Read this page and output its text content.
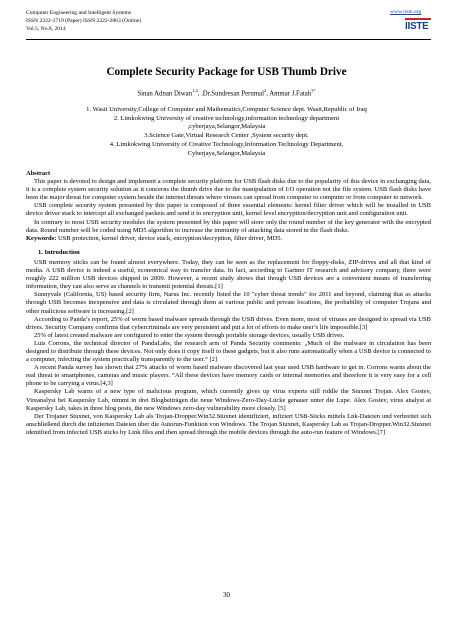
Computer Engineering and Intelligent Systems
ISSN 2222-1719 (Paper) ISSN 2222-2863 (Online)
Vol.5, No.8, 2014
www.iiste.org
IISTE
Complete Security Package for USB Thumb Drive
Sinan Adnan Diwan$^{1,4}$, .Dr.Sundresan Perumal$^2$, Ammar J.Fatah$^{3*}$
1. Wasit University,College of Computer and Mathematics,Computer Science dept. Wasit,Republic of Iraq
2. Limkokwing University of creative technology,information technology department
,cyberjaya,Selangor,Malaysia
3.Science Gate,Virtual Research Center ,System security dept.
4. Limkokwing University of Creative Technology,Information Technology Department,
Cyberjaya,Selangor,Malaysia

Abstract

This paper is devoted to design and implement a complete security platform for USB flash disks due to the popularity of this device in exchanging data, it is a complete system security solution as it concerns the thumb drive due to the manipulation of I/O operation not the file system. USB flash disks have been the major threat for computer system beside the internet threats where viruses can spread from computer to computer or from computer to network.

USB complete security system presented by this paper is composed of three essential elements: kernel filter driver which will be installed in USB device driver stack to intercept all exchanged packets and send it to encryption unit, kernel level encryption/decryption unit and configuration unit.

In contrary to most USB security modules the system presented by this paper will store only the round number of the key generator with the encrypted data. Round number will be coded using MD5 algorithm to increase the immunity of attacking data stored in the flash disks.

Keywords: USB protection, kernel driver, device stack, encryption/decryption, filter driver, MD5.

1. Introduction

USB memory sticks can be found almost everywhere. Today, they can be seen as the replacement for floppy-disks, ZIP-drives and all that kind of media. A USB device is indeed a useful, economical way to transfer data. In fact, according to Gartner IT research and advisory company, there were roughly 222 million USB devices shipped in 2009. However, a recent study shows that though USB devices are a convenient means of transferring information, they can also serve as channels to transmit potential threats.[1]

Sunnyvale (California, US) based security firm, Narus Inc. recently listed the 10 "cyber threat trends" for 2011 and beyond, claiming that as attacks through USB becomes inexpensive and data is circulated through them at various public and private locations, the probability of computer Trojans and other malicious software is increasing.[2]

According to Panda’s report, 25% of worm based malware spreads through the USB drives. Even more, most of viruses are designed to spread via USB drives. Security Company confirms that cybercriminals are very persistent and put a lot of efforts to make user’s life impossible.[3]

25% of latest created malware are configured to enter the system through portable storage devices, usually USB drives.

Luis Corrons, the technical director of PandaLabs, the research arm of Panda Security comments: „Much of the malware in circulation has been designed to distribute through these devices. Not only does it copy itself to these gadgets, but it also runs automatically when a USB device is connected to a computer, infecting the system practically transparently to the user.“ [2]

A recent Panda survey has shown that 27% attacks of worm based malware discovered last year used USB hardware to get in. Corrons warns about the real threat to smartphones, cameras and music players. “All these devices have memory cards or internal memories and therefore it is very easy for a cell phone to be carrying a virus.[4,3]

Kaspersky Lab warns of a new type of malicious program, which currently gives up virus experts still riddle the Stuxnet Trojan. Alex Gostev, Vireanalyst bei Kaspersky Lab, nimmt in drei Blogbeiträgen die neue Windows-Zero-Day-Lücke genauer unter die Lupe. Alex Gostev, virus analyst at Kaspersky Lab, takes in three blog posts, the new Windows zero-day vulnerability more closely. [5]

Der Trojaner Stuxnet, von Kaspersky Lab als Trojan-Dropper.Win32.Stuxnet identifiziert, infiziert USB-Sticks mittels Lnk-Dateien und verbreitet sich anschließend durch die infizierten Dateien über die Autorun-Funktion von Windows. The Trojan Stuxnet, Kaspersky Lab as Trojan-Dropper.Win32.Stuxnet identified from infected USB sticks by Link files and then spread through the mobile devices through the auto-run feature of Windows.[7]

30
